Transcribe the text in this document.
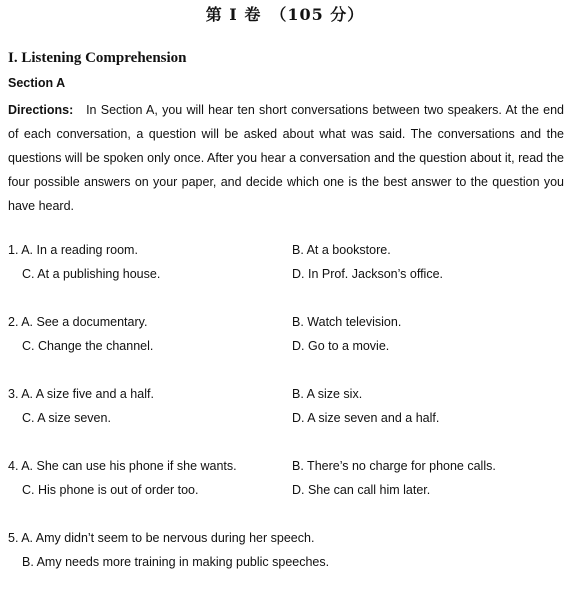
第 I 卷　（105 分）
I. Listening Comprehension
Section A
Directions: In Section A, you will hear ten short conversations between two speakers. At the end of each conversation, a question will be asked about what was said. The conversations and the questions will be spoken only once. After you hear a conversation and the question about it, read the four possible answers on your paper, and decide which one is the best answer to the question you have heard.
1. A. In a reading room.	B. At a bookstore.
C. At a publishing house.	D. In Prof. Jackson’s office.
2. A. See a documentary.	B. Watch television.
C. Change the channel.	D. Go to a movie.
3. A. A size five and a half.	B. A size six.
C. A size seven.	D. A size seven and a half.
4. A. She can use his phone if she wants.	B. There’s no charge for phone calls.
C. His phone is out of order too.	D. She can call him later.
5. A. Amy didn’t seem to be nervous during her speech.
B. Amy needs more training in making public speeches.
